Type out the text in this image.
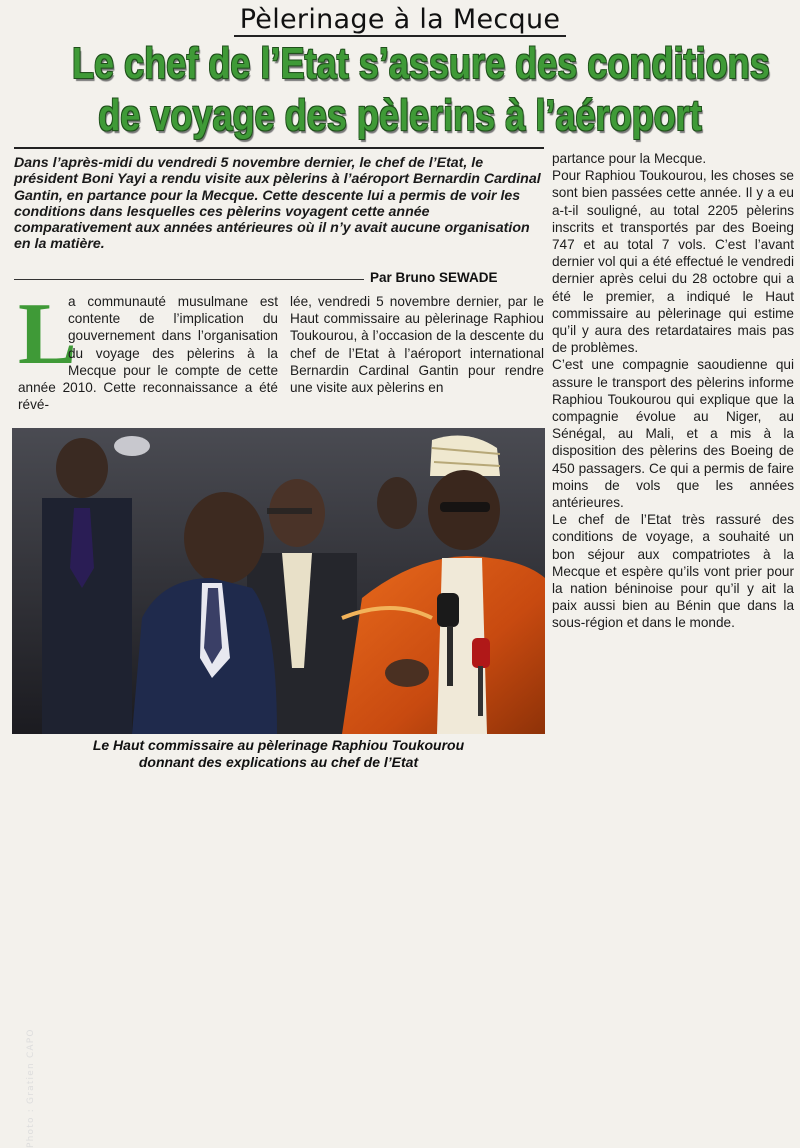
Pèlerinage à la Mecque
Le chef de l’Etat s’assure des conditions
de voyage des pèlerins à l’aéroport

Dans l’après-midi du vendredi 5 novembre dernier, le chef de l’Etat, le président Boni Yayi a rendu visite aux pèlerins à l’aéroport Bernardin Cardinal Gantin, en partance pour la Mecque. Cette descente lui a permis de voir les conditions dans lesquelles ces pèlerins voyagent cette année comparativement aux années antérieures où il n’y avait aucune organisation en la matière.

Par Bruno SEWADE
L

a communauté musulmane est contente de l’implication du gouvernement dans l’organisation du voyage des pèlerins à la Mecque pour le compte de cette année 2010. Cette reconnaissance a été révé-

lée, vendredi 5 novembre dernier, par le Haut commissaire au pèlerinage Raphiou Toukourou, à l’occasion de la descente du chef de l’Etat à l’aéroport international Bernardin Cardinal Gantin pour rendre une visite aux pèlerins en

partance pour la Mecque.

Pour Raphiou Toukourou, les choses se sont bien passées cette année. Il y a eu a-t-il souligné, au total 2205 pèlerins inscrits et transportés par des Boeing 747 et au total 7 vols. C’est l’avant dernier vol qui a été effectué le vendredi dernier après celui du 28 octobre qui a été le premier, a indiqué le Haut commissaire au pèlerinage qui estime qu’il y aura des retardataires mais pas de problèmes.

C’est une compagnie saoudienne qui assure le transport des pèlerins informe Raphiou Toukourou qui explique que la compagnie évolue au Niger, au Sénégal, au Mali, et a mis à la disposition des pèlerins des Boeing de 450 passagers. Ce qui a permis de faire moins de vols que les années antérieures.

Le chef de l’Etat très rassuré des conditions de voyage, a souhaité un bon séjour aux compatriotes à la Mecque et espère qu’ils vont prier pour la nation béninoise pour qu’il y ait la paix aussi bien au Bénin que dans la sous-région et dans le monde.

Photo : Gratien CAPO

Le Haut commissaire au pèlerinage Raphiou Toukourou
donnant des explications au chef de l’Etat
